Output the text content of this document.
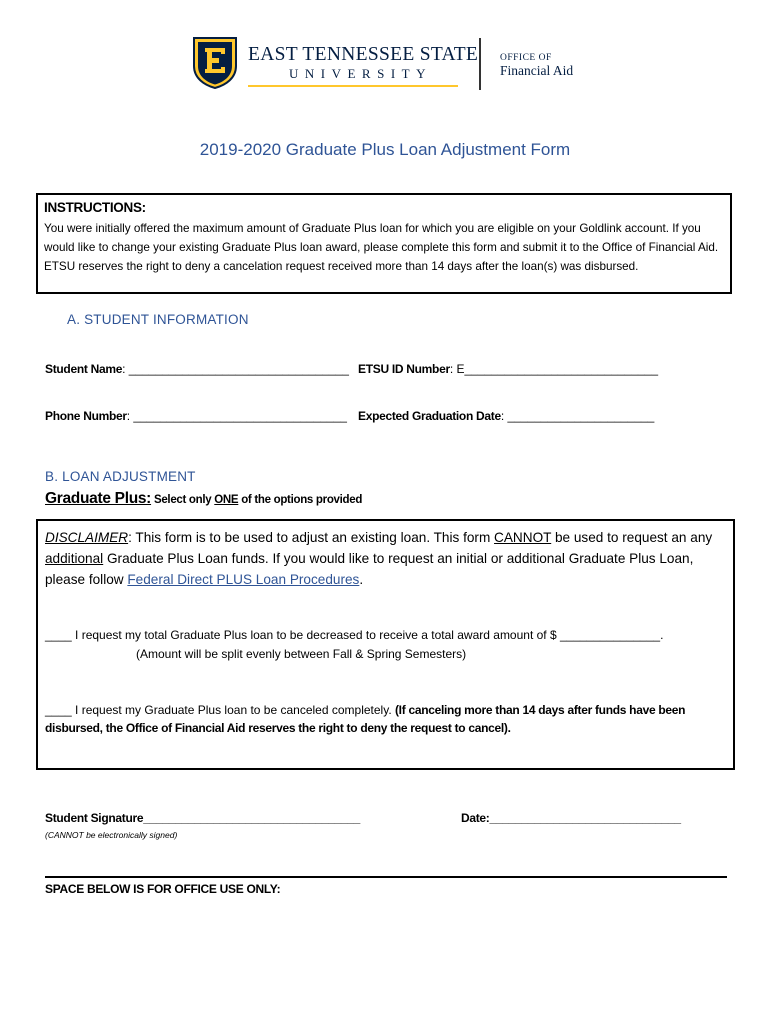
EAST TENNESSEE STATE
UNIVERSITY
OFFICE OF
Financial Aid
2019-2020 Graduate Plus Loan Adjustment Form
INSTRUCTIONS:
You were initially offered the maximum amount of Graduate Plus loan for which you are eligible on your Goldlink account. If you would like to change your existing Graduate Plus loan award, please complete this form and submit it to the Office of Financial Aid. ETSU reserves the right to deny a cancelation request received more than 14 days after the loan(s) was disbursed.
A. STUDENT INFORMATION
Student Name: _________________________________ ETSU ID Number: E_____________________________
Phone Number: ________________________________ Expected Graduation Date: ______________________
B. LOAN ADJUSTMENT
Graduate Plus: Select only ONE of the options provided
DISCLAIMER: This form is to be used to adjust an existing loan. This form CANNOT be used to request an any additional Graduate Plus Loan funds. If you would like to request an initial or additional Graduate Plus Loan, please follow Federal Direct PLUS Loan Procedures.
____ I request my total Graduate Plus loan to be decreased to receive a total award amount of $ _______________.
(Amount will be split evenly between Fall & Spring Semesters)
____ I request my Graduate Plus loan to be canceled completely. (If canceling more than 14 days after funds have been disbursed, the Office of Financial Aid reserves the right to deny the request to cancel).
Student Signature__________________________________
(CANNOT be electronically signed)
Date:______________________________
SPACE BELOW IS FOR OFFICE USE ONLY:
